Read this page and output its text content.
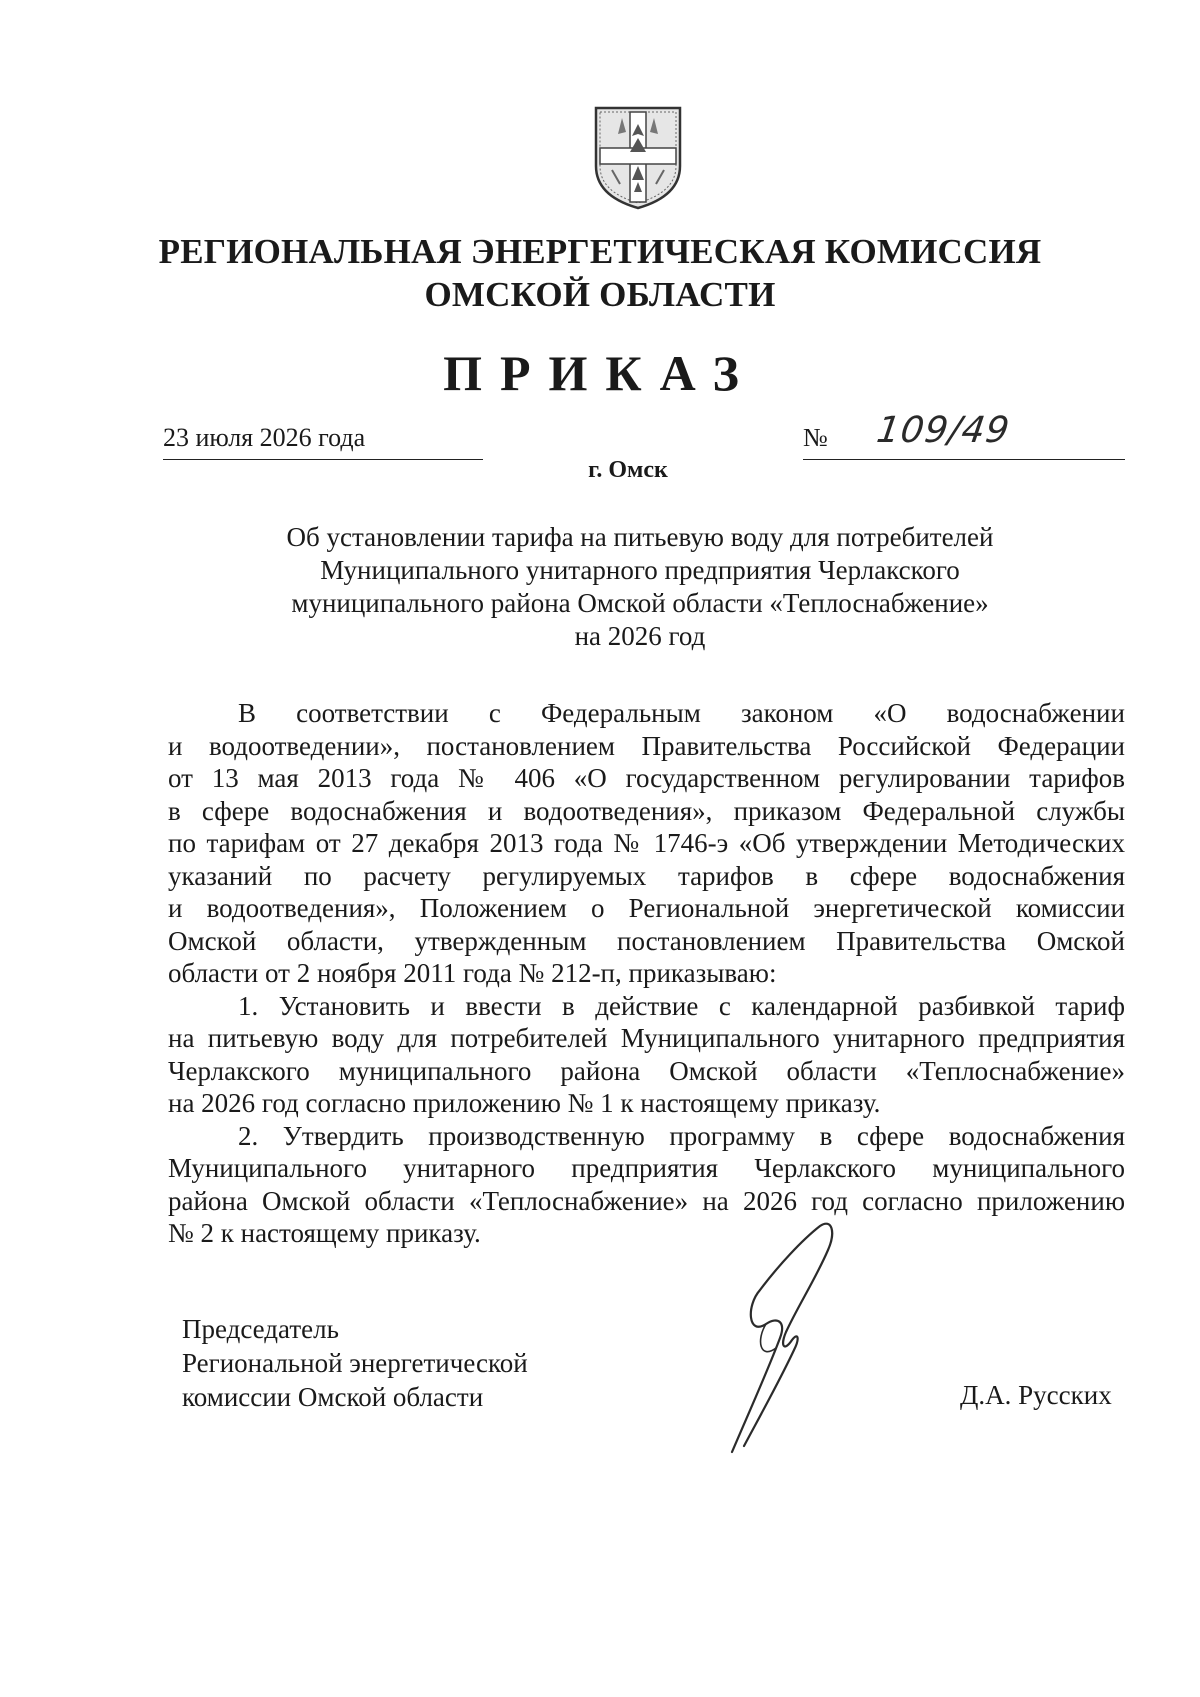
РЕГИОНАЛЬНАЯ ЭНЕРГЕТИЧЕСКАЯ КОМИССИЯ
ОМСКОЙ ОБЛАСТИ
ПРИКАЗ
23 июля 2026 года	№ 109/49
г. Омск
Об установлении тарифа на питьевую воду для потребителей
Муниципального унитарного предприятия Черлакского
муниципального района Омской области «Теплоснабжение»
на 2026 год
В соответствии с Федеральным законом «О водоснабжении
и водоотведении», постановлением Правительства Российской Федерации
от 13 мая 2013 года № 406 «О государственном регулировании тарифов
в сфере водоснабжения и водоотведения», приказом Федеральной службы
по тарифам от 27 декабря 2013 года № 1746-э «Об утверждении Методических
указаний по расчету регулируемых тарифов в сфере водоснабжения
и водоотведения», Положением о Региональной энергетической комиссии
Омской области, утвержденным постановлением Правительства Омской
области от 2 ноября 2011 года № 212-п, приказываю:
1. Установить и ввести в действие с календарной разбивкой тариф
на питьевую воду для потребителей Муниципального унитарного предприятия
Черлакского муниципального района Омской области «Теплоснабжение»
на 2026 год согласно приложению № 1 к настоящему приказу.
2. Утвердить производственную программу в сфере водоснабжения
Муниципального унитарного предприятия Черлакского муниципального
района Омской области «Теплоснабжение» на 2026 год согласно приложению
№ 2 к настоящему приказу.
Председатель
Региональной энергетической
комиссии Омской области	Д.А. Русских
